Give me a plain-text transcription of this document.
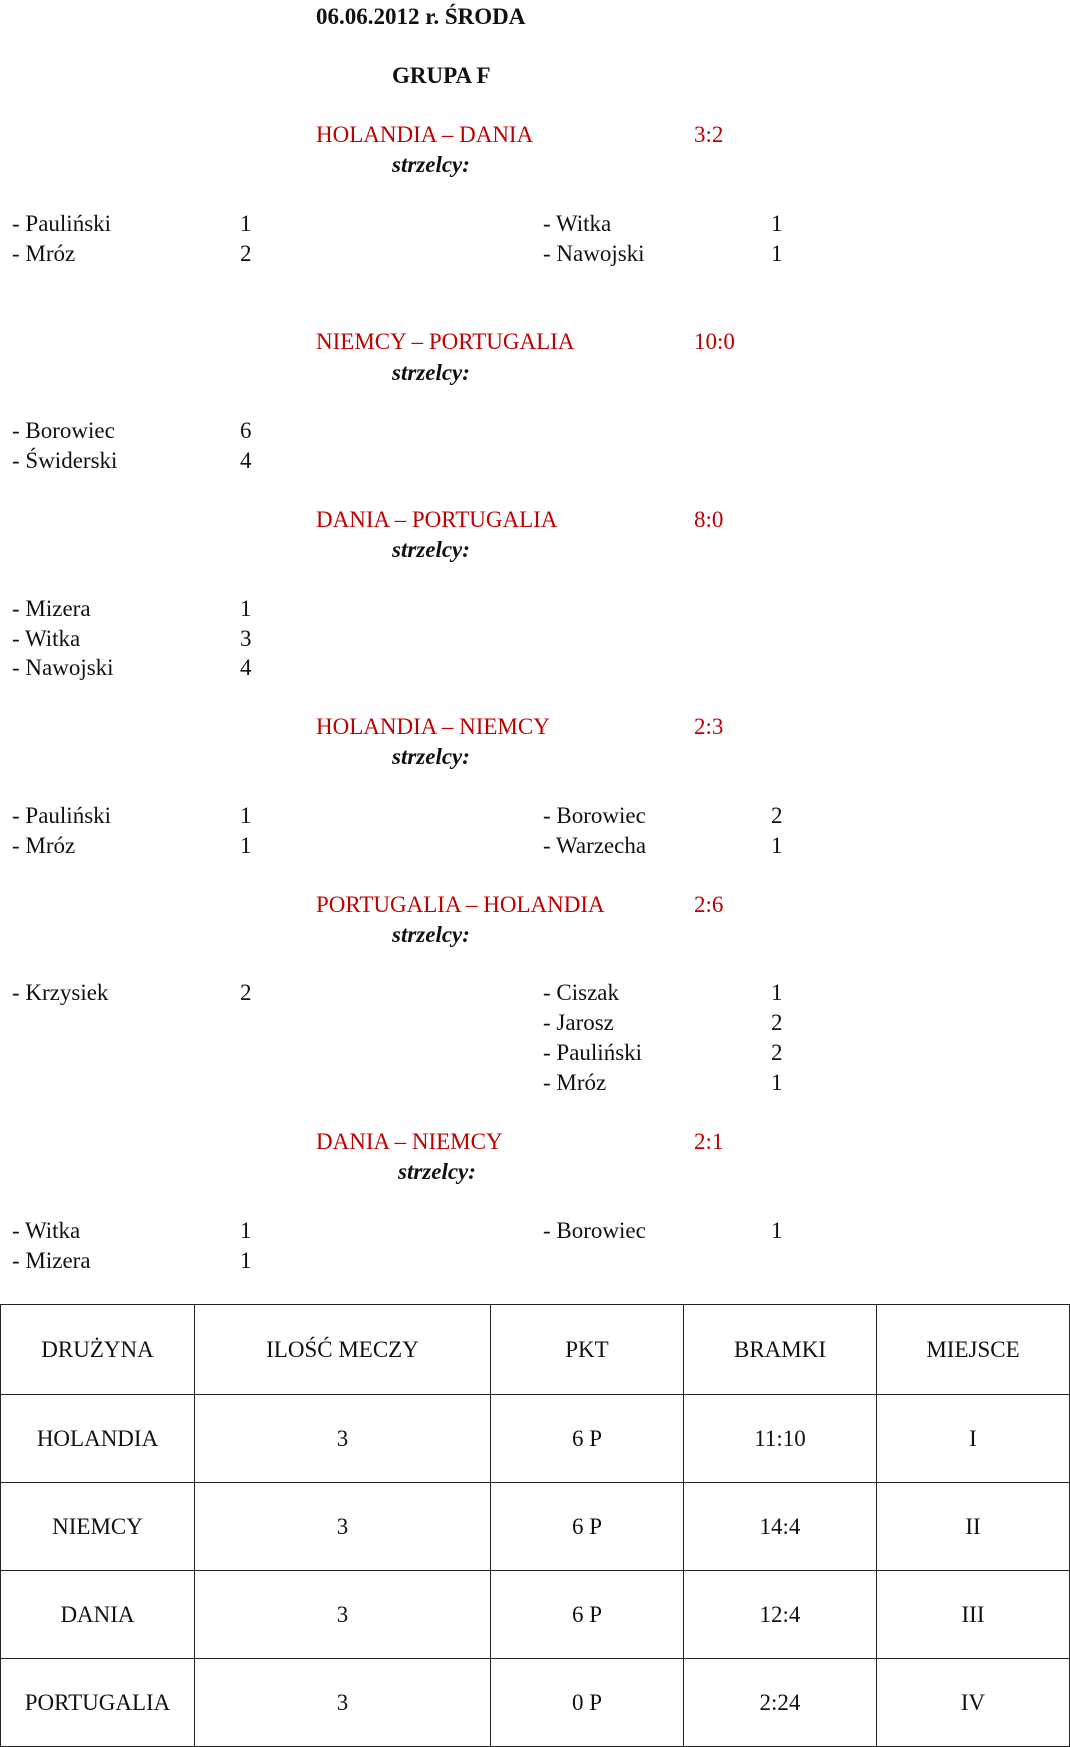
06.06.2012 r. ŚRODA
GRUPA F
HOLANDIA – DANIA	3:2
strzelcy:
- Pauliński	1
- Mróz	2
- Witka	1
- Nawojski	1
NIEMCY – PORTUGALIA	10:0
strzelcy:
- Borowiec	6
- Świderski	4
DANIA – PORTUGALIA	8:0
strzelcy:
- Mizera	1
- Witka	3
- Nawojski	4
HOLANDIA – NIEMCY	2:3
strzelcy:
- Pauliński	1
- Mróz	1
- Borowiec	2
- Warzecha	1
PORTUGALIA – HOLANDIA	2:6
strzelcy:
- Krzysiek	2	- Ciszak	1
- Jarosz	2
- Pauliński	2
- Mróz	1
DANIA – NIEMCY	2:1
strzelcy:
- Witka	1
- Mizera	1
- Borowiec	1
DRUŻYNA	ILOŚĆ MECZY	PKT	BRAMKI	MIEJSCE
HOLANDIA	3	6 P	11:10	I
NIEMCY	3	6 P	14:4	II
DANIA	3	6 P	12:4	III
PORTUGALIA	3	0 P	2:24	IV
